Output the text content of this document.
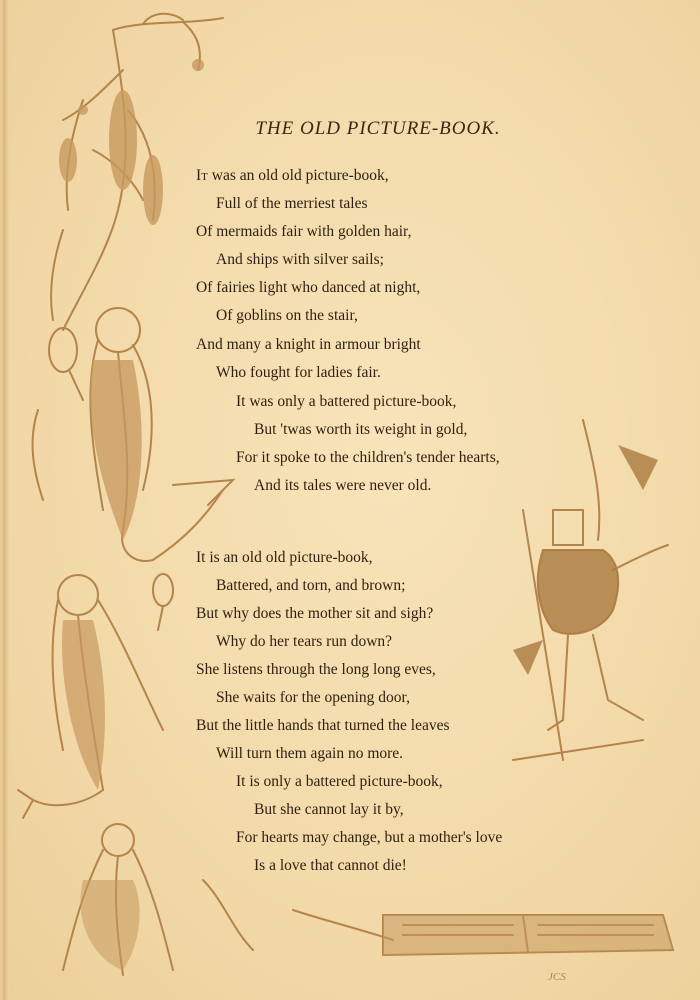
JCS
THE OLD PICTURE-BOOK.
It was an old old picture-book,
Full of the merriest tales
Of mermaids fair with golden hair,
And ships with silver sails;
Of fairies light who danced at night,
Of goblins on the stair,
And many a knight in armour bright
Who fought for ladies fair.
It was only a battered picture-book,
But 'twas worth its weight in gold,
For it spoke to the children's tender hearts,
And its tales were never old.
It is an old old picture-book,
Battered, and torn, and brown;
But why does the mother sit and sigh?
Why do her tears run down?
She listens through the long long eves,
She waits for the opening door,
But the little hands that turned the leaves
Will turn them again no more.
It is only a battered picture-book,
But she cannot lay it by,
For hearts may change, but a mother's love
Is a love that cannot die!
